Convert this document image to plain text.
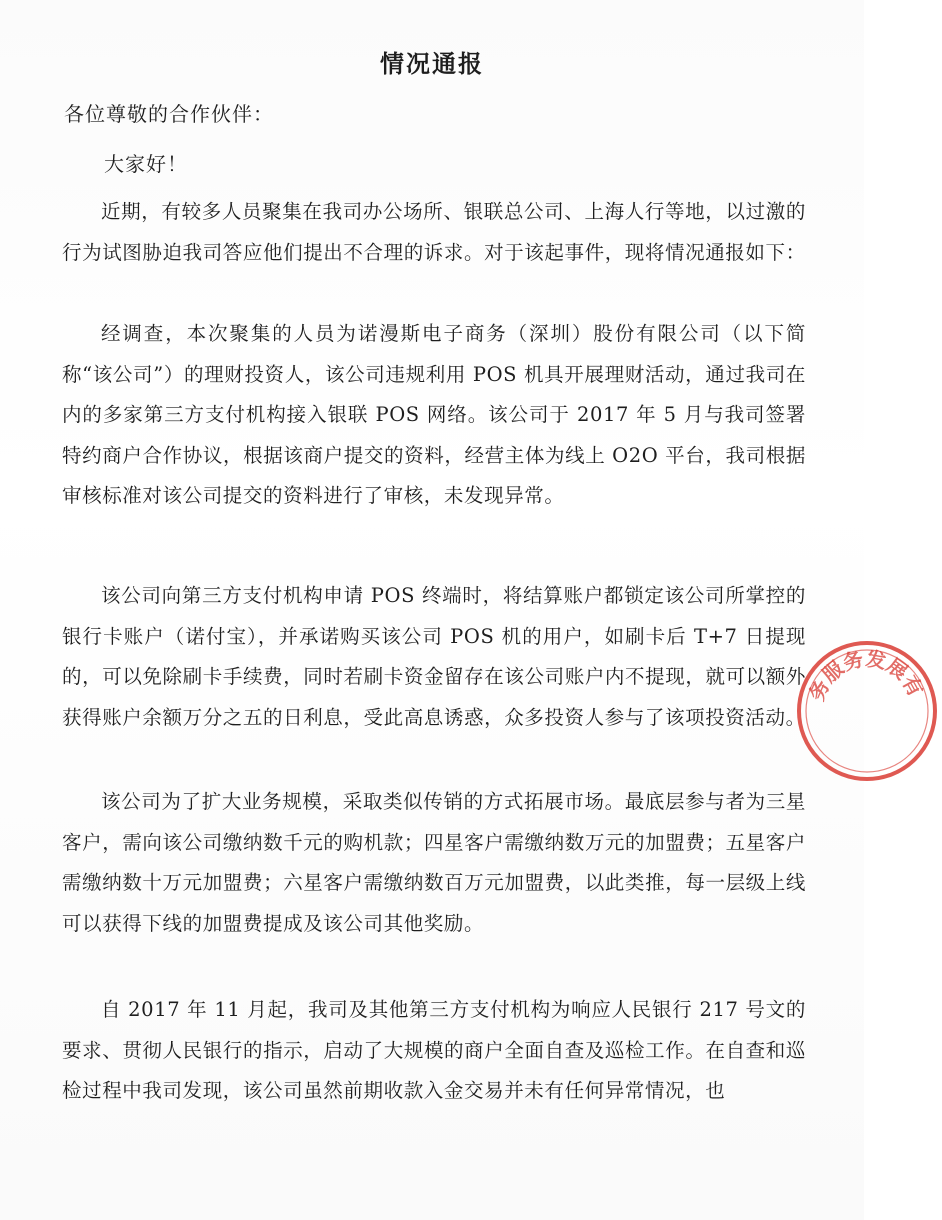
情况通报
各位尊敬的合作伙伴：
大家好！

近期，有较多人员聚集在我司办公场所、银联总公司、上海人行等地，以过激的行为试图胁迫我司答应他们提出不合理的诉求。对于该起事件，现将情况通报如下：

经调查，本次聚集的人员为诺漫斯电子商务（深圳）股份有限公司（以下简称“该公司”）的理财投资人，该公司违规利用 POS 机具开展理财活动，通过我司在内的多家第三方支付机构接入银联 POS 网络。该公司于 2017 年 5 月与我司签署特约商户合作协议，根据该商户提交的资料，经营主体为线上 O2O 平台，我司根据审核标准对该公司提交的资料进行了审核，未发现异常。

该公司向第三方支付机构申请 POS 终端时，将结算账户都锁定该公司所掌控的银行卡账户（诺付宝），并承诺购买该公司 POS 机的用户，如刷卡后 T+7 日提现的，可以免除刷卡手续费，同时若刷卡资金留存在该公司账户内不提现，就可以额外获得账户余额万分之五的日利息，受此高息诱惑，众多投资人参与了该项投资活动。

该公司为了扩大业务规模，采取类似传销的方式拓展市场。最底层参与者为三星客户，需向该公司缴纳数千元的购机款；四星客户需缴纳数万元的加盟费；五星客户需缴纳数十万元加盟费；六星客户需缴纳数百万元加盟费，以此类推，每一层级上线可以获得下线的加盟费提成及该公司其他奖励。

自 2017 年 11 月起，我司及其他第三方支付机构为响应人民银行 217 号文的要求、贯彻人民银行的指示，启动了大规模的商户全面自查及巡检工作。在自查和巡检过程中我司发现，该公司虽然前期收款入金交易并未有任何异常情况，也

务服务发展有
